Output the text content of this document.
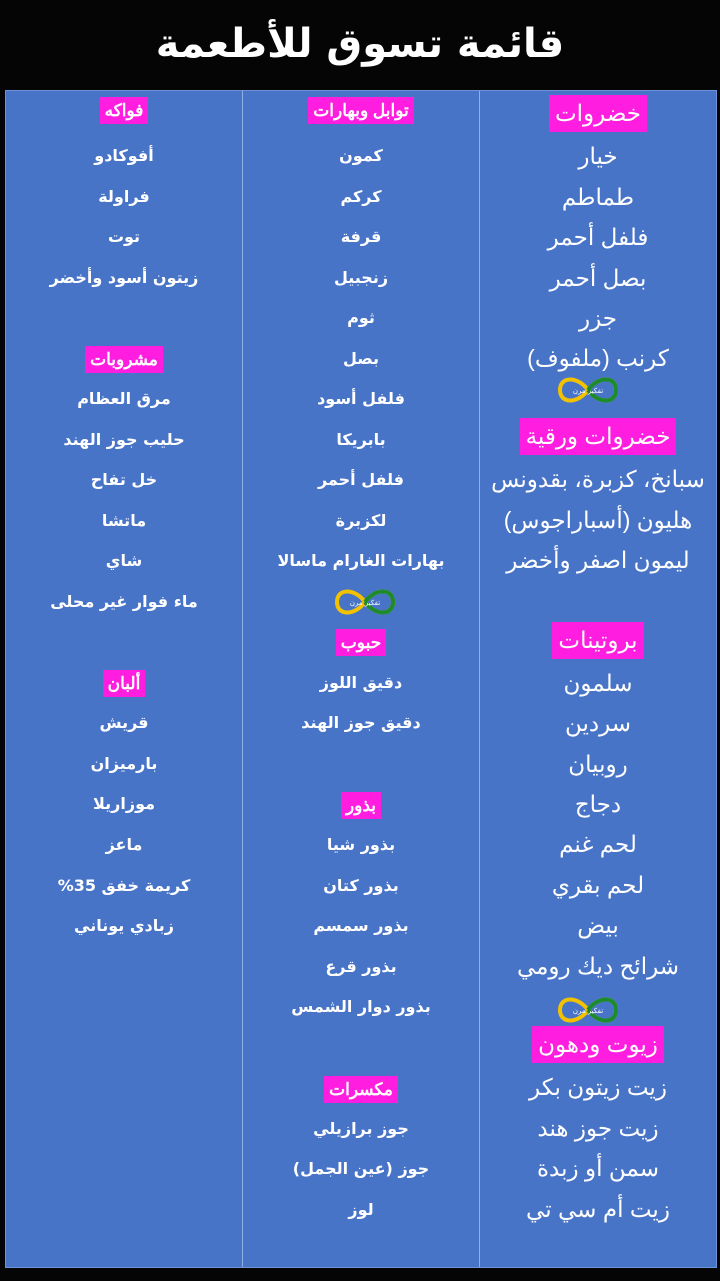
قائمة تسوق للأطعمة
خضروات
خيار
طماطم
فلفل أحمر
بصل أحمر
جزر
كرنب (ملفوف)
تفكير مرن
خضروات ورقية
سبانخ، كزبرة، بقدونس
هليون (أسباراجوس)
ليمون اصفر وأخضر
بروتينات
سلمون
سردين
روبيان
دجاج
لحم غنم
لحم بقري
بيض
شرائح ديك رومي
تفكير مرن
زيوت ودهون
زيت زيتون بكر
زيت جوز هند
سمن أو زبدة
زيت أم سي تي
توابل وبهارات
كمون
كركم
قرفة
زنجبيل
ثوم
بصل
فلفل أسود
بابريكا
فلفل أحمر
لكزبرة
بهارات الغارام ماسالا
تفكير مرن
حبوب
دقيق اللوز
دقيق جوز الهند
بذور
بذور شيا
بذور كتان
بذور سمسم
بذور قرع
بذور دوار الشمس
مكسرات
جوز برازيلي
جوز (عين الجمل)
لوز
فواكه
أفوكادو
فراولة
توت
زيتون أسود وأخضر
مشروبات
مرق العظام
حليب جوز الهند
خل تفاح
ماتشا
شاي
ماء فوار غير محلى
ألبان
قريش
بارميزان
موزاريلا
ماعز
كريمة خفق 35%
زبادي يوناني
